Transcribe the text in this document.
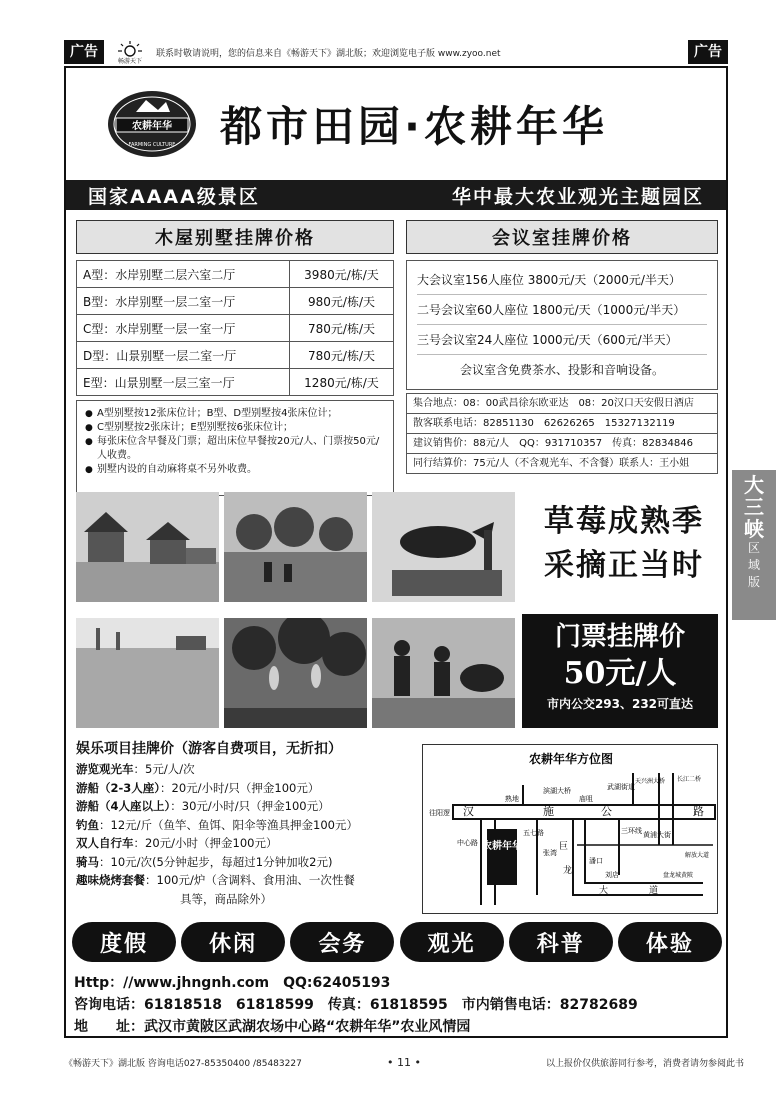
广告
畅游天下
联系时敬请说明，您的信息来自《畅游天下》湖北版；欢迎浏览电子版 www.zyoo.net	广告
农耕年华
FARMING CULTURE 都市田园·农耕年华
国家AAAA级景区	华中最大农业观光主题园区
木屋别墅挂牌价格
A型：水岸别墅二层六室二厅	3980元/栋/天
B型：水岸别墅一层二室一厅	980元/栋/天
C型：水岸别墅一层一室一厅	780元/栋/天
D型：山景别墅一层二室一厅	780元/栋/天
E型：山景别墅一层三室一厅	1280元/栋/天
● A型别墅按12张床位计；B型、D型别墅按4张床位计；
● C型别墅按2张床计；E型别墅按6张床位计；
● 每张床位含早餐及门票；超出床位早餐按20元/人、门票按50元/人收费。
● 别墅内设的自动麻将桌不另外收费。
会议室挂牌价格
大会议室156人座位 3800元/天（2000元/半天）
二号会议室60人座位 1800元/天（1000元/半天）
三号会议室24人座位 1000元/天（600元/半天）
会议室含免费茶水、投影和音响设备。
集合地点：08：00武昌徐东欧亚达　08：20汉口天安假日酒店
散客联系电话：82851130　62626265　15327132119
建议销售价：88元/人　QQ：931710357　传真：82834846
同行结算价：75元/人（不含观光车、不含餐）联系人：王小姐
草莓成熟季
采摘正当时
门票挂牌价
50元/人
市内公交293、232可直达
娱乐项目挂牌价（游客自费项目，无折扣）
游览观光车：5元/人/次
游船（2-3人座）：20元/小时/只（押金100元）
游船（4人座以上）：30元/小时/只（押金100元）
钓鱼：12元/斤（鱼竿、鱼饵、阳伞等渔具押金100元）
双人自行车：20元/小时（押金100元）
骑马：10元/次(5分钟起步，每超过1分钟加收2元)
趣味烧烤套餐：100元/炉（含调料、食用油、一次性餐
具等，商品除外）
农耕年华方位图
农耕年华
往阳逻 汉	施	公	路
熟地
滨湖大桥
庙咀
武湖街道
天兴洲大桥 长江二桥
解放大道
黄浦大街
三环线
中心路
五七路
张湾
巨
龙
大	道
潘口
刘店	盘龙城黄陂
度假	休闲	会务	观光	科普	体验
Http：//www.jhngnh.com　QQ:62405193
咨询电话：61818518　61818599　传真：61818595　市内销售电话：82782689
地　　址：武汉市黄陂区武湖农场中心路“农耕年华”农业风情园
大
三
峡
区
域
版
《畅游天下》湖北版 咨询电话027-85350400 /85483227	• 11 •	以上报价仅供旅游同行参考，消费者请勿参阅此书
